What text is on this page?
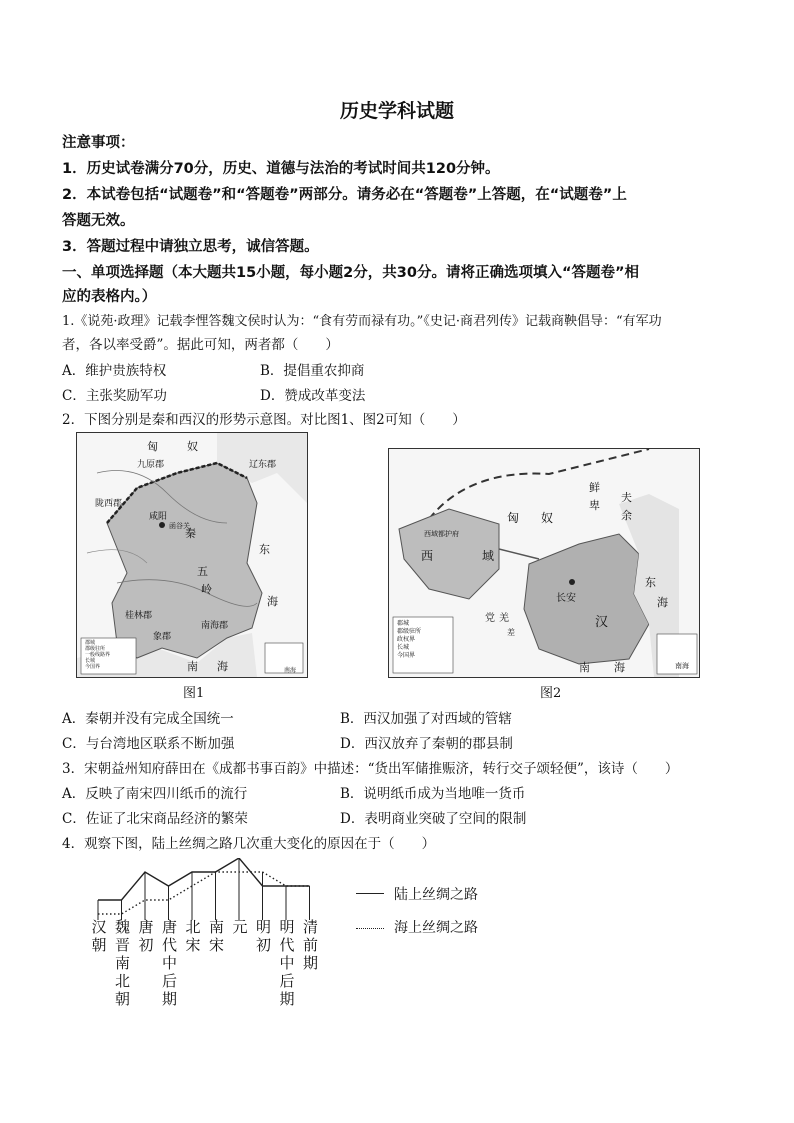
历史学科试题
注意事项：
1．历史试卷满分70分，历史、道德与法治的考试时间共120分钟。
2．本试卷包括“试题卷”和“答题卷”两部分。请务必在“答题卷”上答题，在“试题卷”上
答题无效。
3．答题过程中请独立思考，诚信答题。
一、单项选择题（本大题共15小题，每小题2分，共30分。请将正确选项填入“答题卷”相
应的表格内。）
1.《说苑·政理》记载李悝答魏文侯时认为：“食有劳而禄有功。”《史记·商君列传》记载商鞅倡导：“有军功
者，各以率受爵”。据此可知，两者都（　　）
A．维护贵族特权	B．提倡重农抑商
C．主张奖励军功	D．赞成改革变法
2．下图分别是秦和西汉的形势示意图。对比图1、图2可知（　　）
匈	奴
九原郡	辽东郡
陇西郡
咸阳
函谷关
秦
东
海
五
岭
桂林郡
南海郡
象郡
南 海
郡城
郡级驻所
一般线路界
长城
今国界	南海
图1
匈 奴
鲜
卑
夫
余
西	域
西域都护府
长安
汉
东
海
羌
南 海
党
差
郡城
郡级驻所
政权界
长城
今国界
南海
图2
A．秦朝并没有完成全国统一	B．西汉加强了对西域的管辖
C．与台湾地区联系不断加强	D．西汉放弃了秦朝的郡县制
3．宋朝益州知府薛田在《成都书事百韵》中描述：“货出军储推赈济，转行交子颂轻便”，该诗（　　）
A．反映了南宋四川纸币的流行	B．说明纸币成为当地唯一货币
C．佐证了北宋商品经济的繁荣	D．表明商业突破了空间的限制
4．观察下图，陆上丝绸之路几次重大变化的原因在于（　　）
汉朝
魏晋南北朝
唐初
唐代中后期
北宋
南宋
元 明初
明代中后期
清前期
陆上丝绸之路
海上丝绸之路
